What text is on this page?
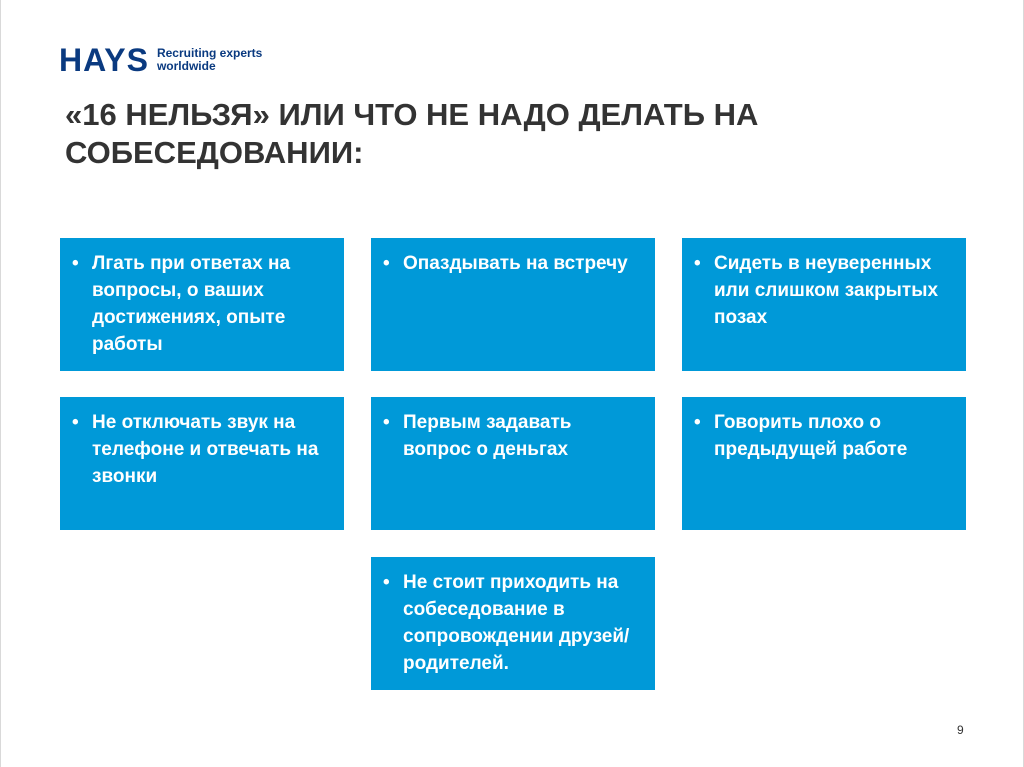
HAYS Recruiting experts
worldwide
«16 НЕЛЬЗЯ» ИЛИ ЧТО НЕ НАДО ДЕЛАТЬ НА СОБЕСЕДОВАНИИ:
• Лгать при ответах на вопросы, о ваших достижениях, опыте работы
• Опаздывать на встречу	• Сидеть в неуверенных или слишком закрытых позах
• Не отключать звук на телефоне и отвечать на звонки
• Первым задавать вопрос о деньгах
• Говорить плохо о предыдущей работе
• Не стоит приходить на собеседование в сопровождении друзей/родителей.
9
